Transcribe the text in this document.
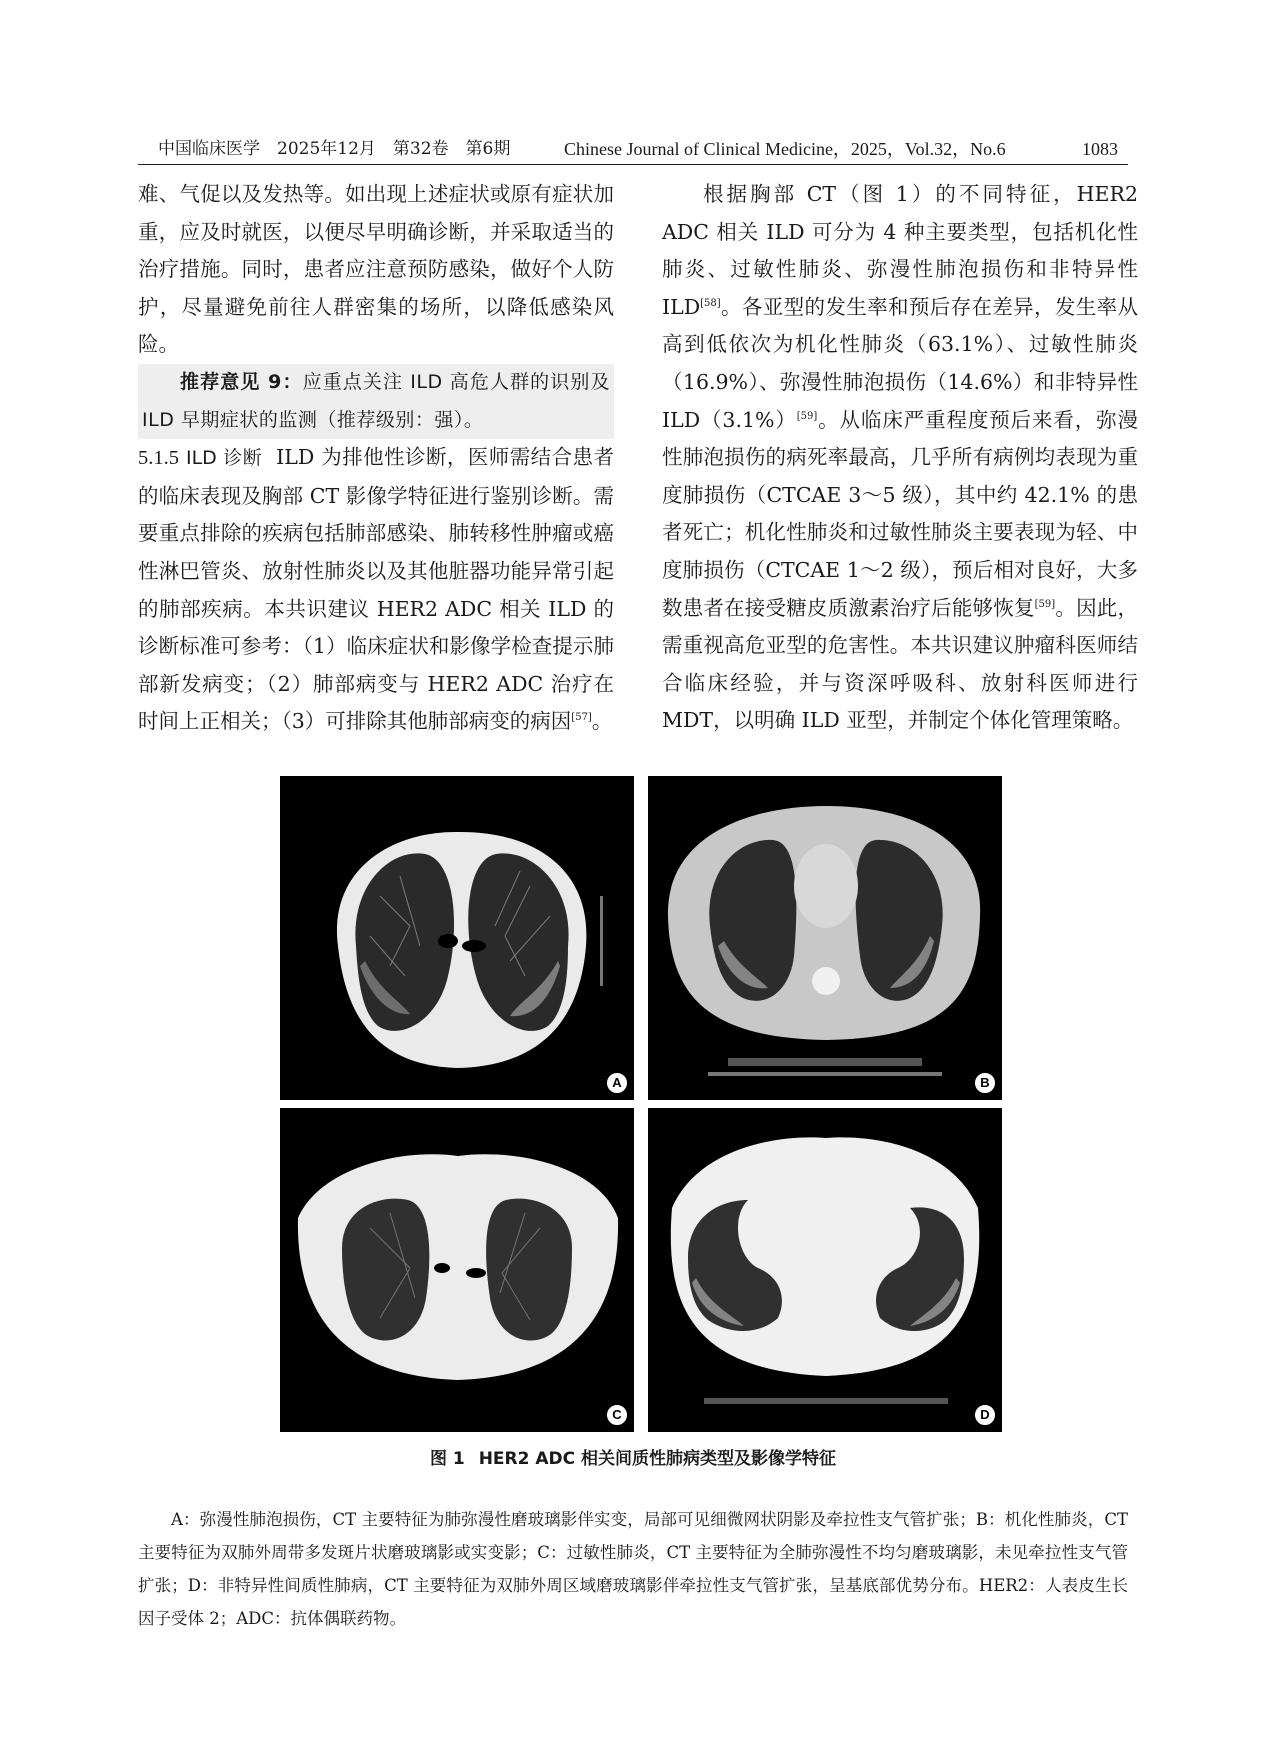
中国临床医学　2025年12月　第32卷　第6期	Chinese Journal of Clinical Medicine，2025，Vol.32，No.6	1083

难、气促以及发热等。如出现上述症状或原有症状加重，应及时就医，以便尽早明确诊断，并采取适当的治疗措施。同时，患者应注意预防感染，做好个人防护，尽量避免前往人群密集的场所，以降低感染风险。

推荐意见 9：应重点关注 ILD 高危人群的识别及 ILD 早期症状的监测（推荐级别：强）。

5.1.5 ILD 诊断 ILD 为排他性诊断，医师需结合患者的临床表现及胸部 CT 影像学特征进行鉴别诊断。需要重点排除的疾病包括肺部感染、肺转移性肿瘤或癌性淋巴管炎、放射性肺炎以及其他脏器功能异常引起的肺部疾病。本共识建议 HER2 ADC 相关 ILD 的诊断标准可参考：（1）临床症状和影像学检查提示肺部新发病变；（2）肺部病变与 HER2 ADC 治疗在时间上正相关；（3）可排除其他肺部病变的病因[57]。

根据胸部 CT（图 1）的不同特征，HER2 ADC 相关 ILD 可分为 4 种主要类型，包括机化性肺炎、过敏性肺炎、弥漫性肺泡损伤和非特异性 ILD[58]。各亚型的发生率和预后存在差异，发生率从高到低依次为机化性肺炎（63.1%）、过敏性肺炎（16.9%）、弥漫性肺泡损伤（14.6%）和非特异性 ILD（3.1%）[59]。从临床严重程度预后来看，弥漫性肺泡损伤的病死率最高，几乎所有病例均表现为重度肺损伤（CTCAE 3～5 级），其中约 42.1% 的患者死亡；机化性肺炎和过敏性肺炎主要表现为轻、中度肺损伤（CTCAE 1～2 级），预后相对良好，大多数患者在接受糖皮质激素治疗后能够恢复[59]。因此，需重视高危亚型的危害性。本共识建议肿瘤科医师结合临床经验，并与资深呼吸科、放射科医师进行 MDT，以明确 ILD 亚型，并制定个体化管理策略。

A	B
C	D
图 1 HER2 ADC 相关间质性肺病类型及影像学特征

A：弥漫性肺泡损伤，CT 主要特征为肺弥漫性磨玻璃影伴实变，局部可见细微网状阴影及牵拉性支气管扩张；B：机化性肺炎，CT 主要特征为双肺外周带多发斑片状磨玻璃影或实变影；C：过敏性肺炎，CT 主要特征为全肺弥漫性不均匀磨玻璃影，未见牵拉性支气管扩张；D：非特异性间质性肺病，CT 主要特征为双肺外周区域磨玻璃影伴牵拉性支气管扩张，呈基底部优势分布。HER2：人表皮生长因子受体 2；ADC：抗体偶联药物。
